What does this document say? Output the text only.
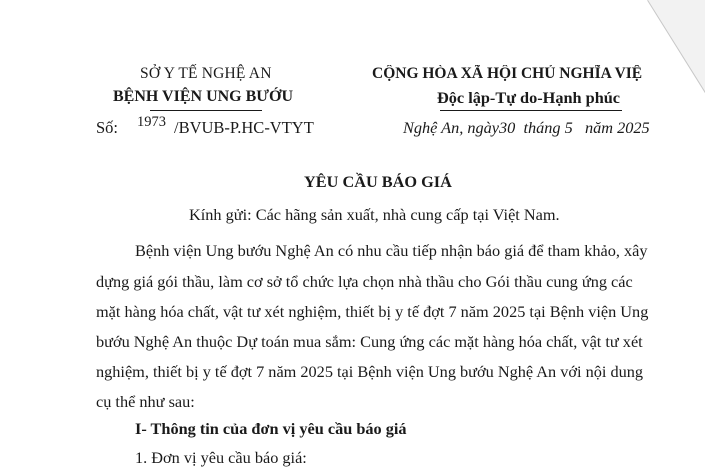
SỞ Y TẾ NGHỆ AN
BỆNH VIỆN UNG BƯỚU
Số: 1973 /BVUB-P.HC-VTYT
CỘNG HÒA XÃ HỘI CHỦ NGHĨA VIỆ
Độc lập-Tự do-Hạnh phúc
Nghệ An, ngày30 tháng 5 năm 2025
YÊU CẦU BÁO GIÁ
Kính gửi: Các hãng sản xuất, nhà cung cấp tại Việt Nam.
Bệnh viện Ung bướu Nghệ An có nhu cầu tiếp nhận báo giá để tham khảo, xây
dựng giá gói thầu, làm cơ sở tổ chức lựa chọn nhà thầu cho Gói thầu cung ứng các
mặt hàng hóa chất, vật tư xét nghiệm, thiết bị y tế đợt 7 năm 2025 tại Bệnh viện Ung
bướu Nghệ An thuộc Dự toán mua sắm: Cung ứng các mặt hàng hóa chất, vật tư xét
nghiệm, thiết bị y tế đợt 7 năm 2025 tại Bệnh viện Ung bướu Nghệ An với nội dung
cụ thể như sau:
I- Thông tin của đơn vị yêu cầu báo giá
1. Đơn vị yêu cầu báo giá:
